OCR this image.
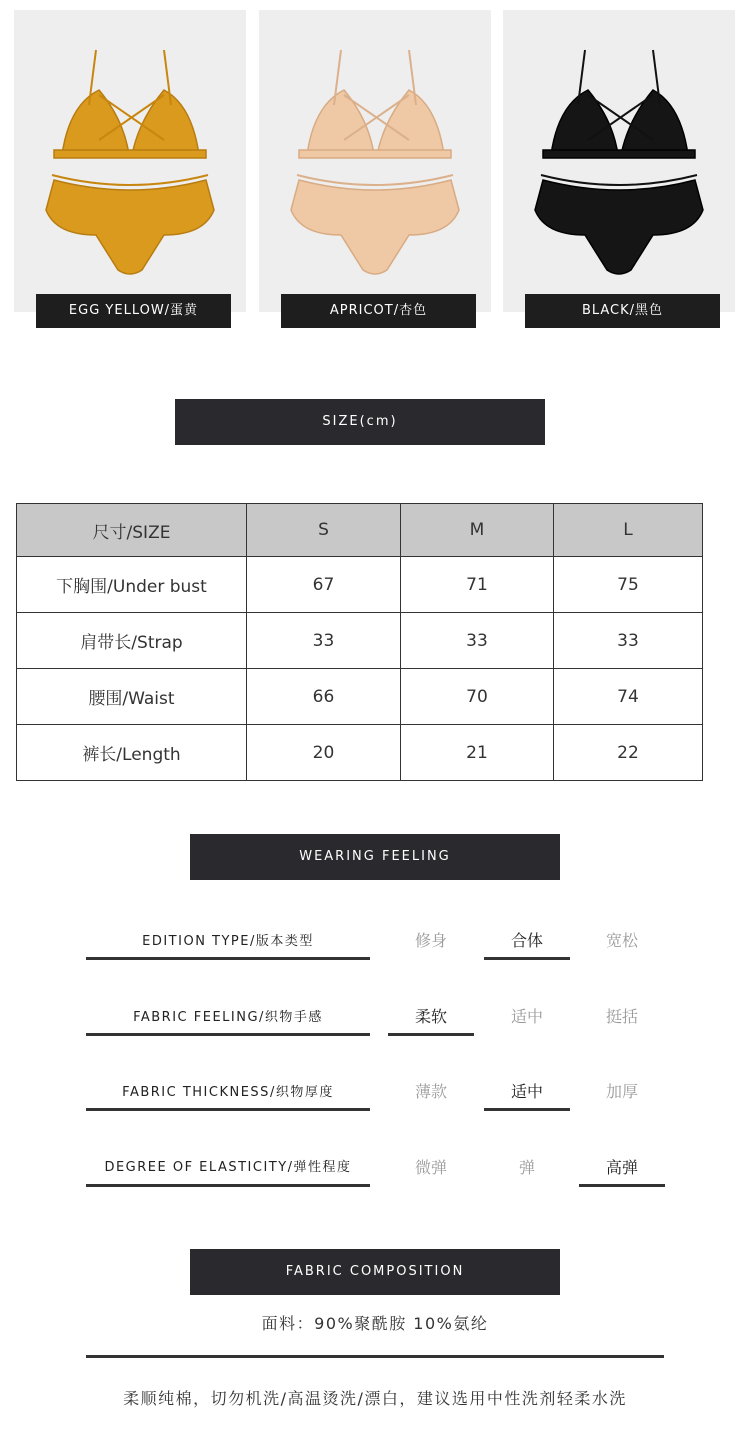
EGG YELLOW/蛋黄	APRICOT/杏色	BLACK/黑色
SIZE(cm)
尺寸/SIZE	S	M	L
下胸围/Under bust	67	71	75
肩带长/Strap	33	33	33
腰围/Waist	66	70	74
裤长/Length	20	21	22
WEARING FEELING
EDITION TYPE/版本类型	修身	合体	宽松
FABRIC FEELING/织物手感	柔软	适中	挺括
FABRIC THICKNESS/织物厚度	薄款	适中	加厚
DEGREE OF ELASTICITY/弹性程度	微弹	弹	高弹
FABRIC COMPOSITION
面料：90%聚酰胺 10%氨纶
柔顺纯棉，切勿机洗/高温烫洗/漂白，建议选用中性洗剂轻柔水洗
